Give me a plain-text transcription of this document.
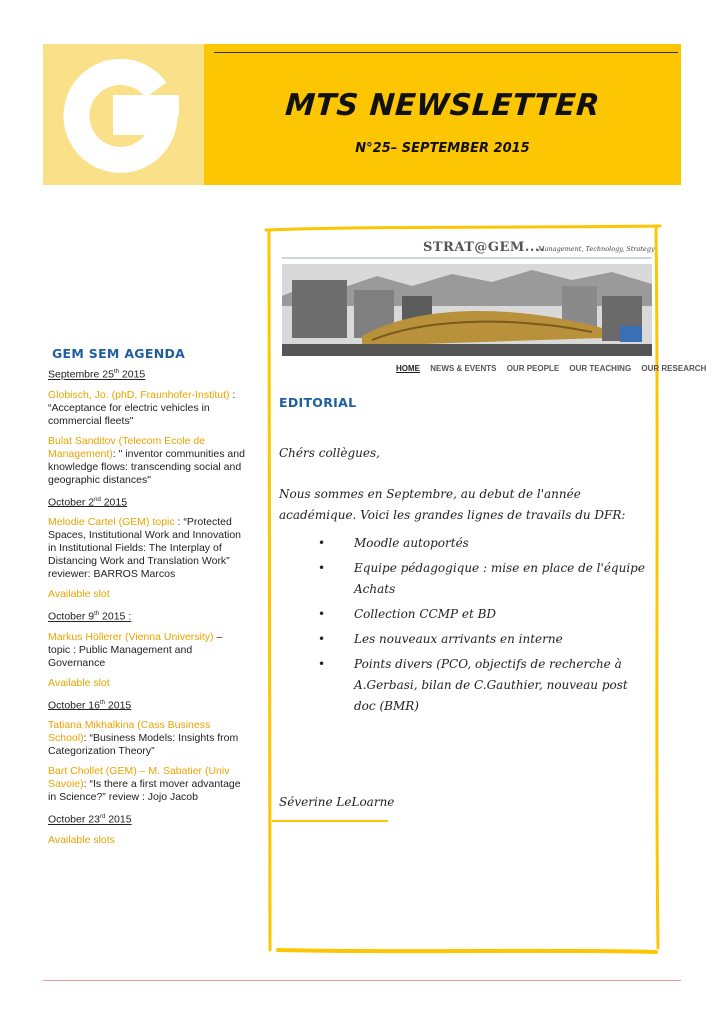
MTS NEWSLETTER
N°25– SEPTEMBER 2015
GEM SEM AGENDA
Septembre 25th 2015
Globisch, Jo. (phD, Fraunhofer-Institut) : “Acceptance for electric vehicles in commercial fleets"
Bulat Sanditov (Telecom Ecole de Management): " inventor communities and knowledge flows: transcending social and geographic distances"
October 2nd 2015
Melodie Cartel (GEM) topic : “Protected Spaces, Institutional Work and Innovation in Institutional Fields: The Interplay of Distancing Work and Translation Work” reviewer: BARROS Marcos
Available slot
October 9th 2015 :
Markus Höllerer (Vienna University) – topic : Public Management and Governance
Available slot
October 16th 2015
Tatiana Mikhalkina (Cass Business School): “Business Models: Insights from Categorization Theory”
Bart Chollet (GEM) – M. Sabatier (Univ Savoie): “Is there a first mover advantage in Science?” review : Jojo Jacob
October 23rd 2015
Available slots
STRAT@GEM....
Management, Technology, Strategy
HOME NEWS & EVENTS OUR PEOPLE OUR TEACHING OUR RESEARCH
EDITORIAL
Chérs collègues,
Nous sommes en Septembre, au debut de l'année académique. Voici les grandes lignes de travails du DFR:
• Moodle autoportés
• Equipe pédagogique : mise en place de l'équipe Achats
• Collection CCMP et BD
• Les nouveaux arrivants en interne
• Points divers (PCO, objectifs de recherche à A.Gerbasi, bilan de C.Gauthier, nouveau post doc (BMR)
Séverine LeLoarne
